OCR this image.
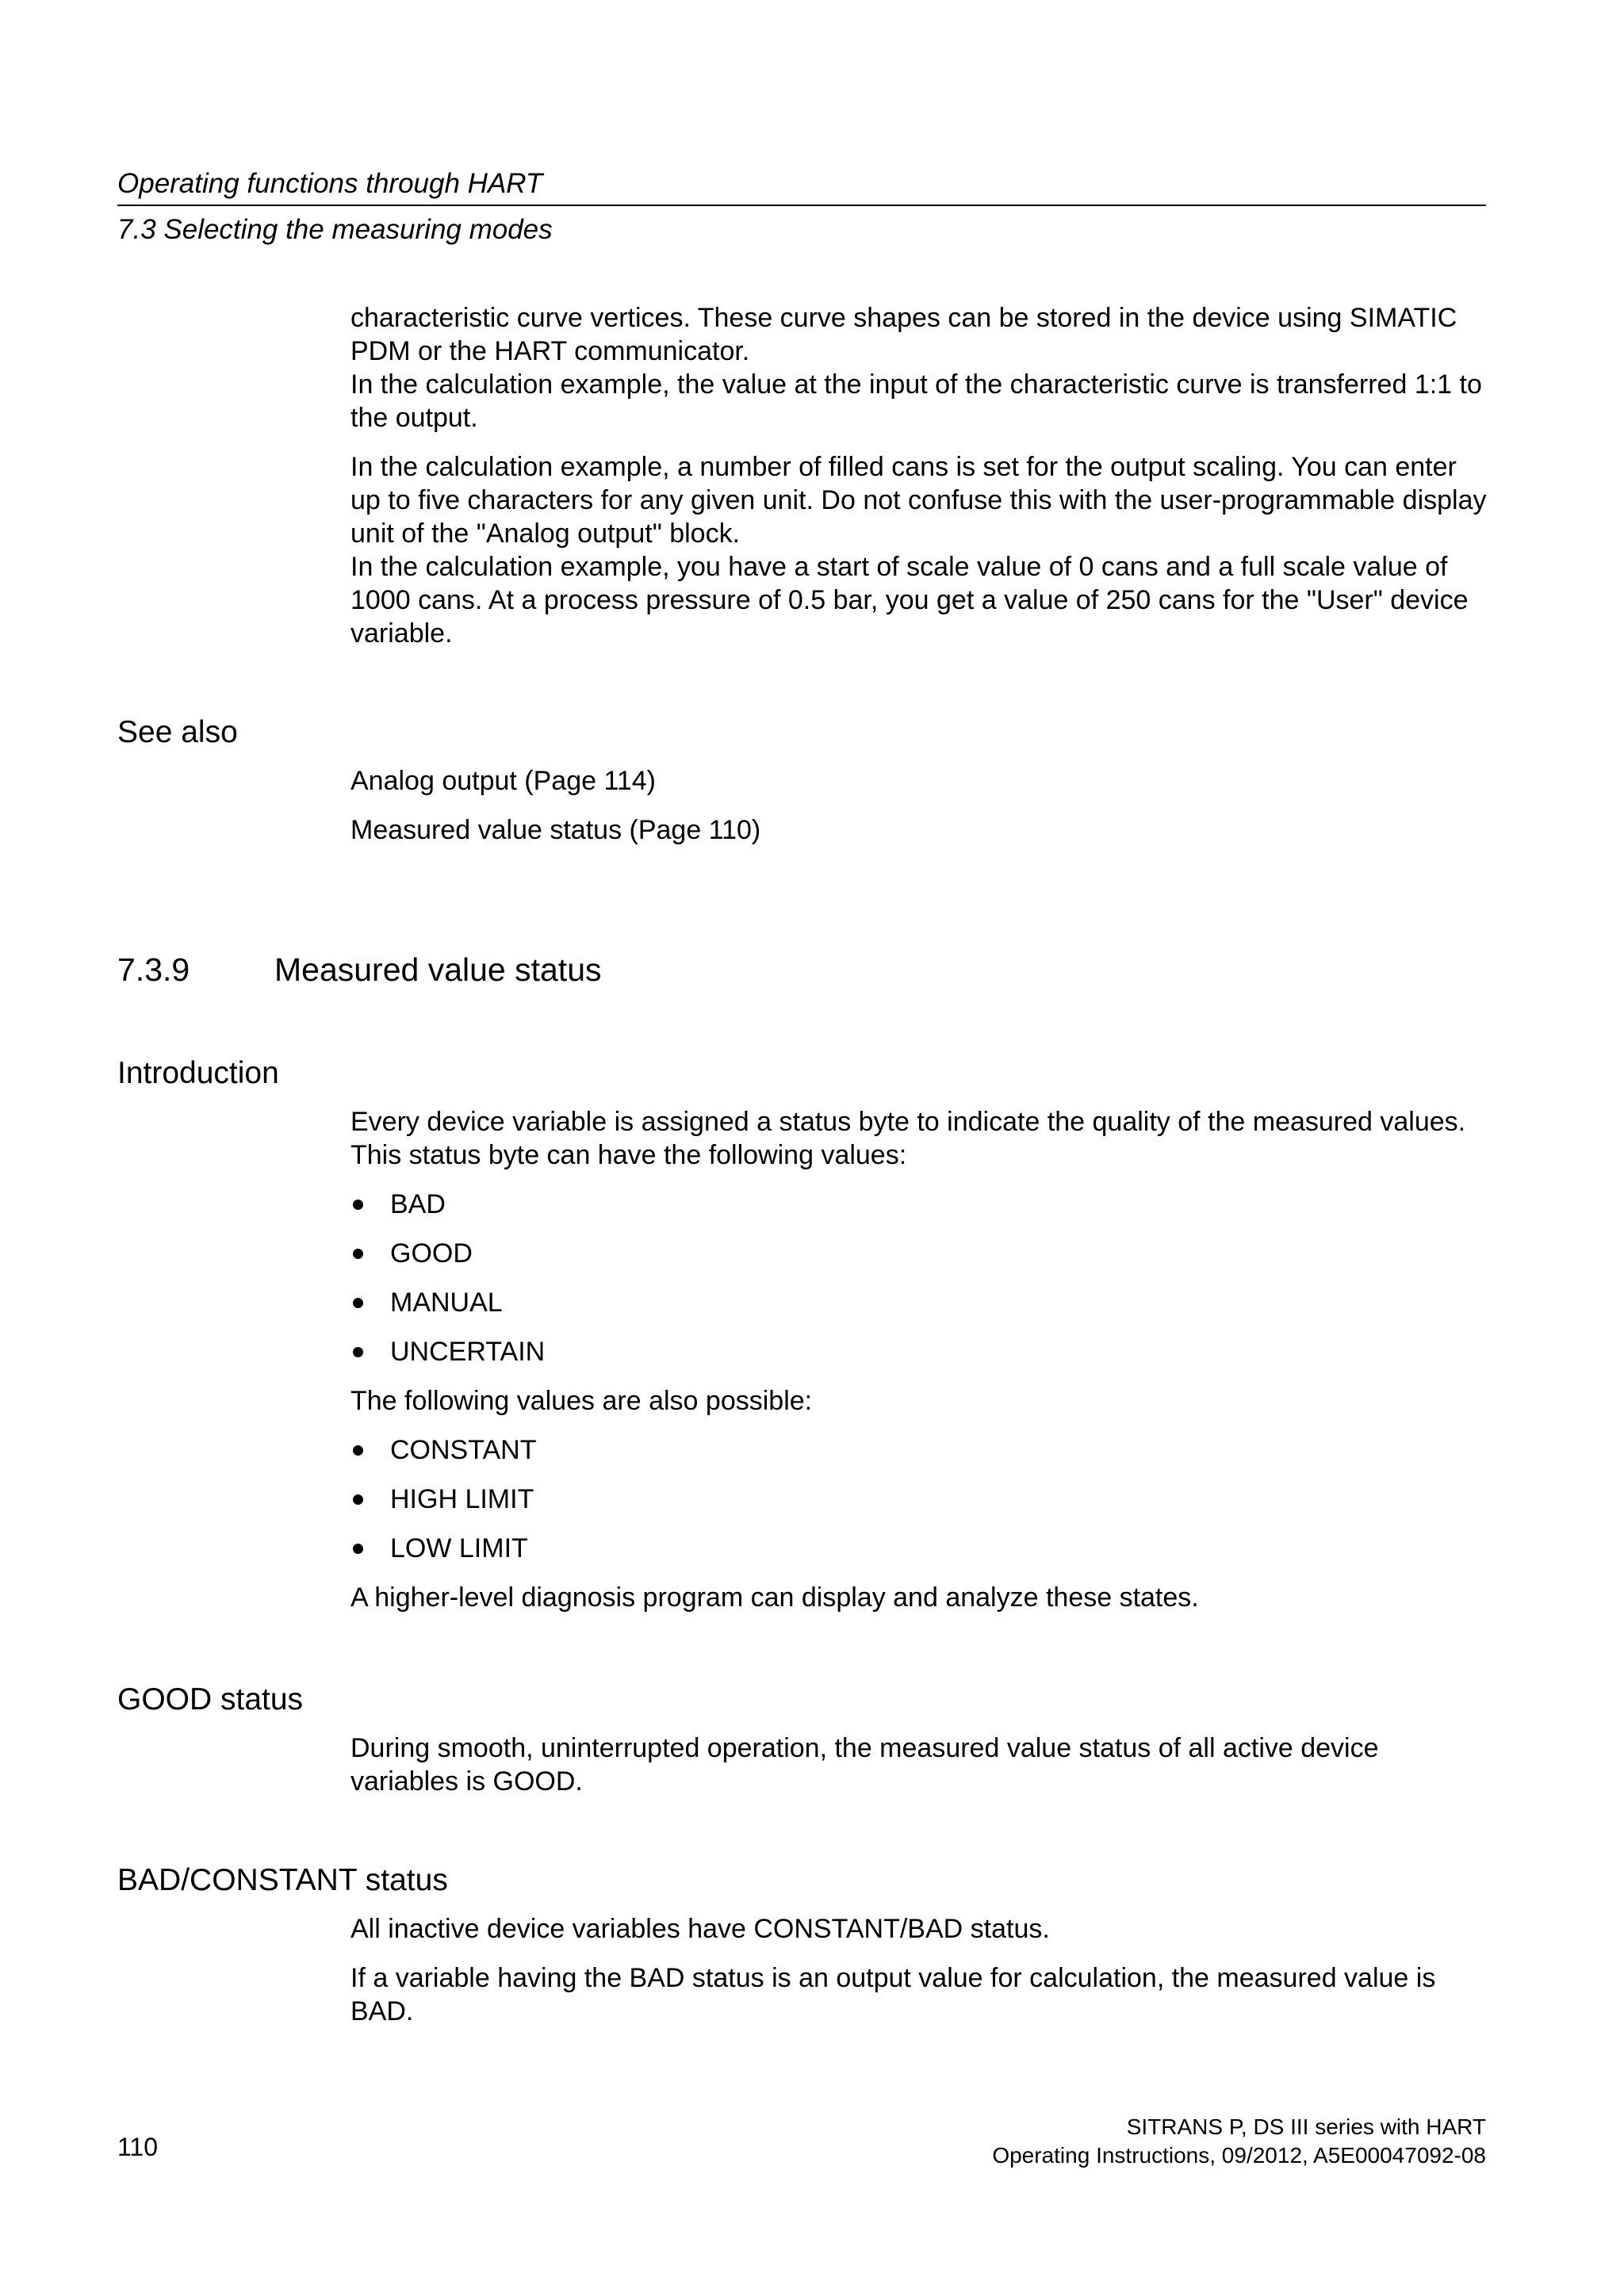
Operating functions through HART
7.3 Selecting the measuring modes

characteristic curve vertices. These curve shapes can be stored in the device using SIMATIC PDM or the HART communicator.

In the calculation example, the value at the input of the characteristic curve is transferred 1:1 to the output.

In the calculation example, a number of filled cans is set for the output scaling. You can enter up to five characters for any given unit. Do not confuse this with the user-programmable display unit of the "Analog output" block.

In the calculation example, you have a start of scale value of 0 cans and a full scale value of 1000 cans. At a process pressure of 0.5 bar, you get a value of 250 cans for the "User" device variable.

See also

Analog output (Page 114)

Measured value status (Page 110)

7.3.9	Measured value status
Introduction

Every device variable is assigned a status byte to indicate the quality of the measured values. This status byte can have the following values:

BAD
GOOD
MANUAL
UNCERTAIN

The following values are also possible:

CONSTANT
HIGH LIMIT
LOW LIMIT

A higher-level diagnosis program can display and analyze these states.

GOOD status

During smooth, uninterrupted operation, the measured value status of all active device variables is GOOD.

BAD/CONSTANT status

All inactive device variables have CONSTANT/BAD status.

If a variable having the BAD status is an output value for calculation, the measured value is BAD.

110
SITRANS P, DS III series with HART
Operating Instructions, 09/2012, A5E00047092-08
